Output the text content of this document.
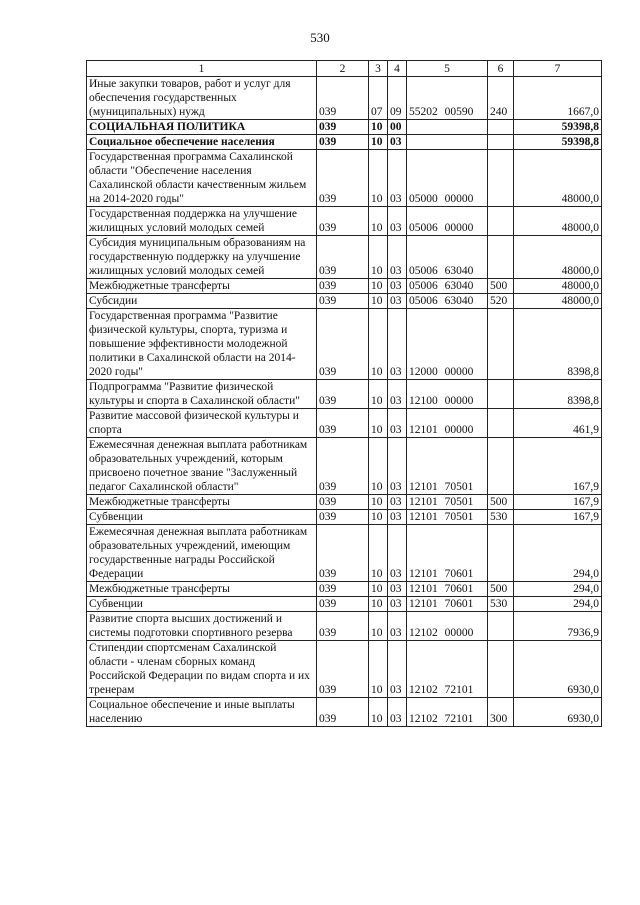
530
1	2	3	4	5	6	7
Иные закупки товаров, работ и услуг для обеспечения государственных (муниципальных) нужд	039	07	09	55202 00590	240	1667,0
СОЦИАЛЬНАЯ ПОЛИТИКА	039	10	00			59398,8
Социальное обеспечение населения	039	10	03			59398,8
Государственная программа Сахалинской области "Обеспечение населения Сахалинской области качественным жильем на 2014-2020 годы"	039	10	03	05000 00000		48000,0
Государственная поддержка на улучшение жилищных условий молодых семей	039	10	03	05006 00000		48000,0
Субсидия муниципальным образованиям на государственную поддержку на улучшение жилищных условий молодых семей	039	10	03	05006 63040		48000,0
Межбюджетные трансферты	039	10	03	05006 63040	500	48000,0
Субсидии	039	10	03	05006 63040	520	48000,0
Государственная программа "Развитие физической культуры, спорта, туризма и повышение эффективности молодежной политики в Сахалинской области на 2014-2020 годы"	039	10	03	12000 00000		8398,8
Подпрограмма "Развитие физической культуры и спорта в Сахалинской области"	039	10	03	12100 00000		8398,8
Развитие массовой физической культуры и спорта	039	10	03	12101 00000		461,9
Ежемесячная денежная выплата работникам образовательных учреждений, которым присвоено почетное звание "Заслуженный педагог Сахалинской области"	039	10	03	12101 70501		167,9
Межбюджетные трансферты	039	10	03	12101 70501	500	167,9
Субвенции	039	10	03	12101 70501	530	167,9
Ежемесячная денежная выплата работникам образовательных учреждений, имеющим государственные награды Российской Федерации	039	10	03	12101 70601		294,0
Межбюджетные трансферты	039	10	03	12101 70601	500	294,0
Субвенции	039	10	03	12101 70601	530	294,0
Развитие спорта высших достижений и системы подготовки спортивного резерва	039	10	03	12102 00000		7936,9
Стипендии спортсменам Сахалинской области - членам сборных команд Российской Федерации по видам спорта и их тренерам	039	10	03	12102 72101		6930,0
Социальное обеспечение и иные выплаты населению	039	10	03	12102 72101	300	6930,0
